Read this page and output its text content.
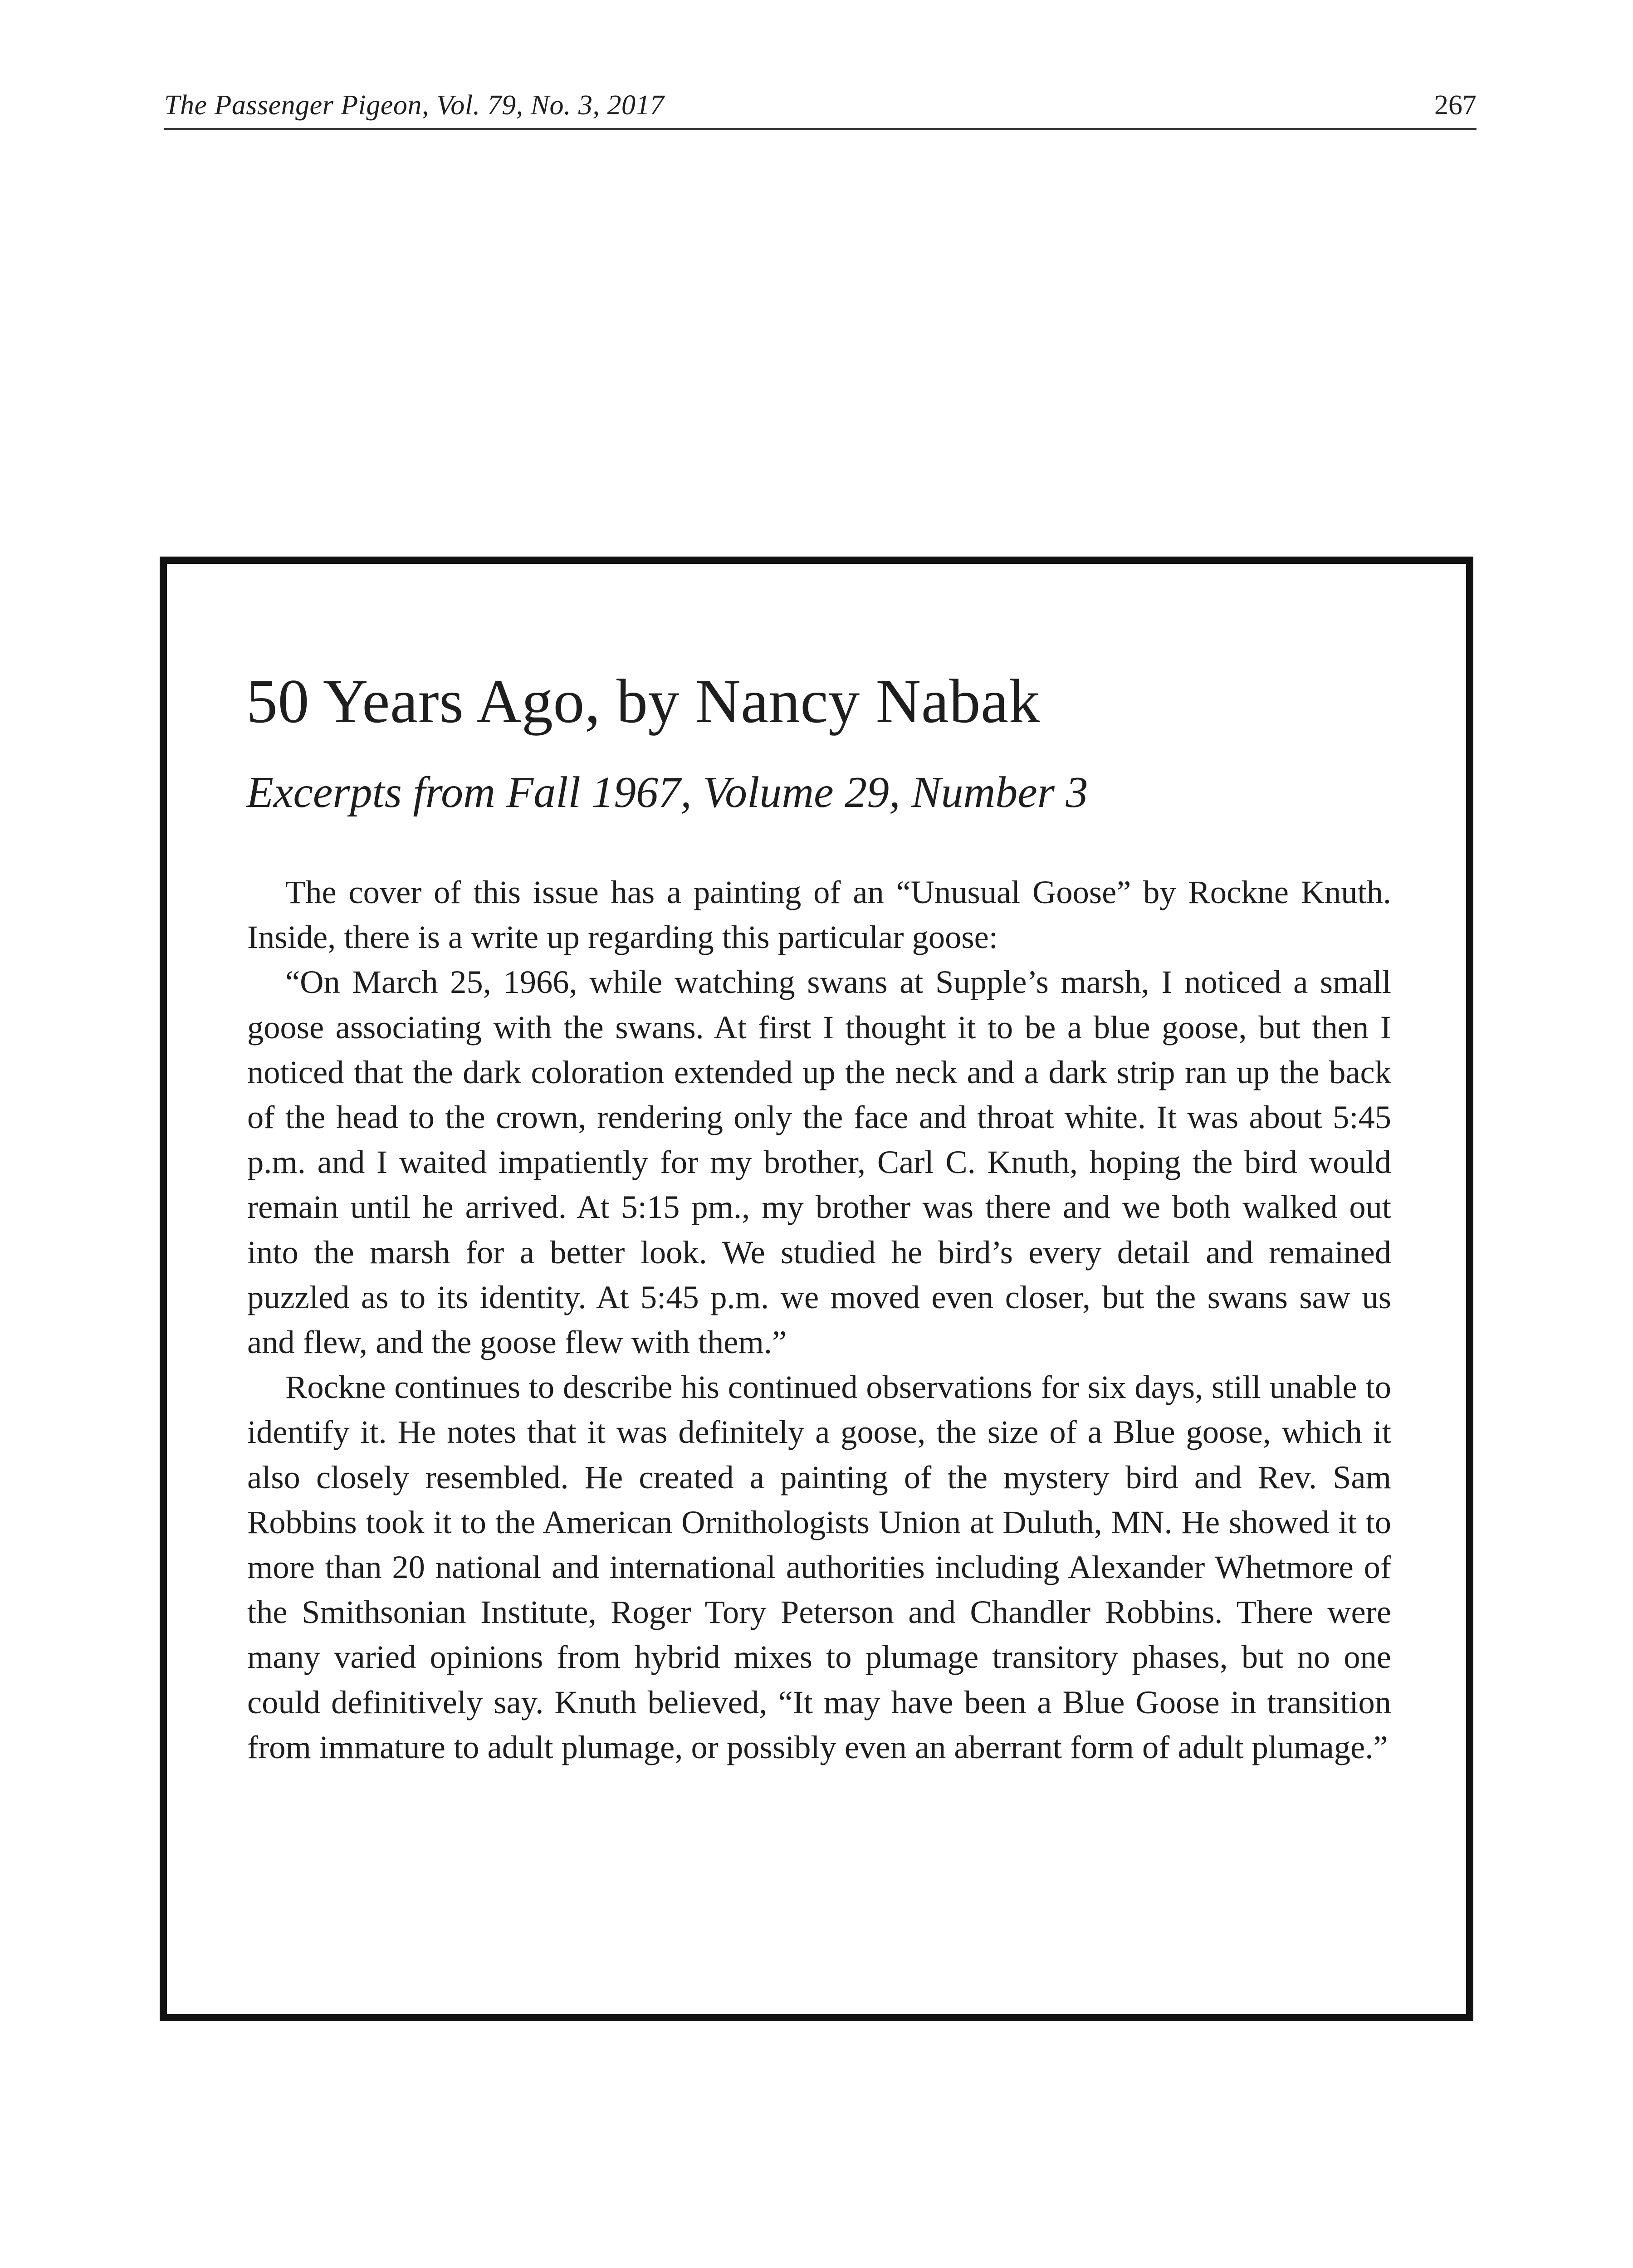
The Passenger Pigeon, Vol. 79, No. 3, 2017	267
50 Years Ago, by Nancy Nabak
Excerpts from Fall 1967, Volume 29, Number 3

The cover of this issue has a painting of an “Unusual Goose” by Rockne Knuth. Inside, there is a write up regarding this particular goose:

“On March 25, 1966, while watching swans at Supple’s marsh, I noticed a small goose associating with the swans. At first I thought it to be a blue goose, but then I noticed that the dark coloration extended up the neck and a dark strip ran up the back of the head to the crown, rendering only the face and throat white. It was about 5:45 p.m. and I waited impatiently for my brother, Carl C. Knuth, hoping the bird would remain until he arrived. At 5:15 pm., my brother was there and we both walked out into the marsh for a better look. We studied he bird’s every detail and remained puzzled as to its identity. At 5:45 p.m. we moved even closer, but the swans saw us and flew, and the goose flew with them.”

Rockne continues to describe his continued observations for six days, still unable to identify it. He notes that it was definitely a goose, the size of a Blue goose, which it also closely resembled. He created a painting of the mystery bird and Rev. Sam Robbins took it to the American Ornithologists Union at Duluth, MN. He showed it to more than 20 national and international authorities including Alexander Whetmore of the Smithsonian Institute, Roger Tory Peterson and Chandler Robbins. There were many varied opinions from hybrid mixes to plumage transitory phases, but no one could definitively say. Knuth believed, “It may have been a Blue Goose in transition from immature to adult plumage, or possibly even an aberrant form of adult plumage.”
